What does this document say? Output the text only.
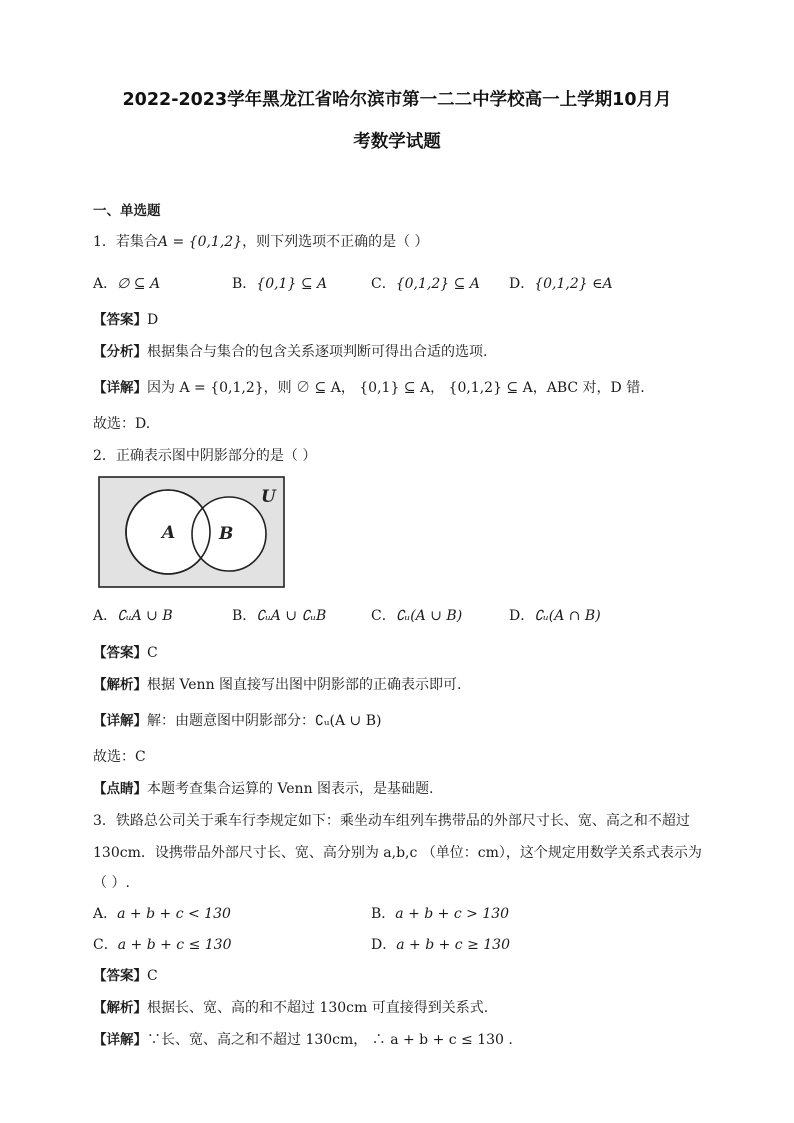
2022-2023学年黑龙江省哈尔滨市第一二二中学校高一上学期10月月
考数学试题
一、单选题
1．若集合A = {0,1,2}，则下列选项不正确的是（ ）
A．∅ ⊆ A	B．{0,1} ⊆ A	C．{0,1,2} ⊆ A D．{0,1,2} ∈A
【答案】D
【分析】根据集合与集合的包含关系逐项判断可得出合适的选项.
【详解】因为 A = {0,1,2}，则 ∅ ⊆ A， {0,1} ⊆ A， {0,1,2} ⊆ A，ABC 对，D 错.
故选：D.
2．正确表示图中阴影部分的是（ ）
A	B
U
A．∁ᵤA ∪ B	B．∁ᵤA ∪ ∁ᵤB	C．∁ᵤ(A ∪ B)	D．∁ᵤ(A ∩ B)
【答案】C
【解析】根据 Venn 图直接写出图中阴影部的正确表示即可.
【详解】解：由题意图中阴影部分：∁ᵤ(A ∪ B)
故选：C
【点睛】本题考查集合运算的 Venn 图表示，是基础题.
3．铁路总公司关于乘车行李规定如下：乘坐动车组列车携带品的外部尺寸长、宽、高之和不超过
130cm．设携带品外部尺寸长、宽、高分别为 a,b,c （单位：cm），这个规定用数学关系式表示为
（ ）.
A．a + b + c < 130	B．a + b + c > 130
C．a + b + c ≤ 130	D．a + b + c ≥ 130
【答案】C
【解析】根据长、宽、高的和不超过 130cm 可直接得到关系式.
【详解】∵长、宽、高之和不超过 130cm， ∴ a + b + c ≤ 130 .
